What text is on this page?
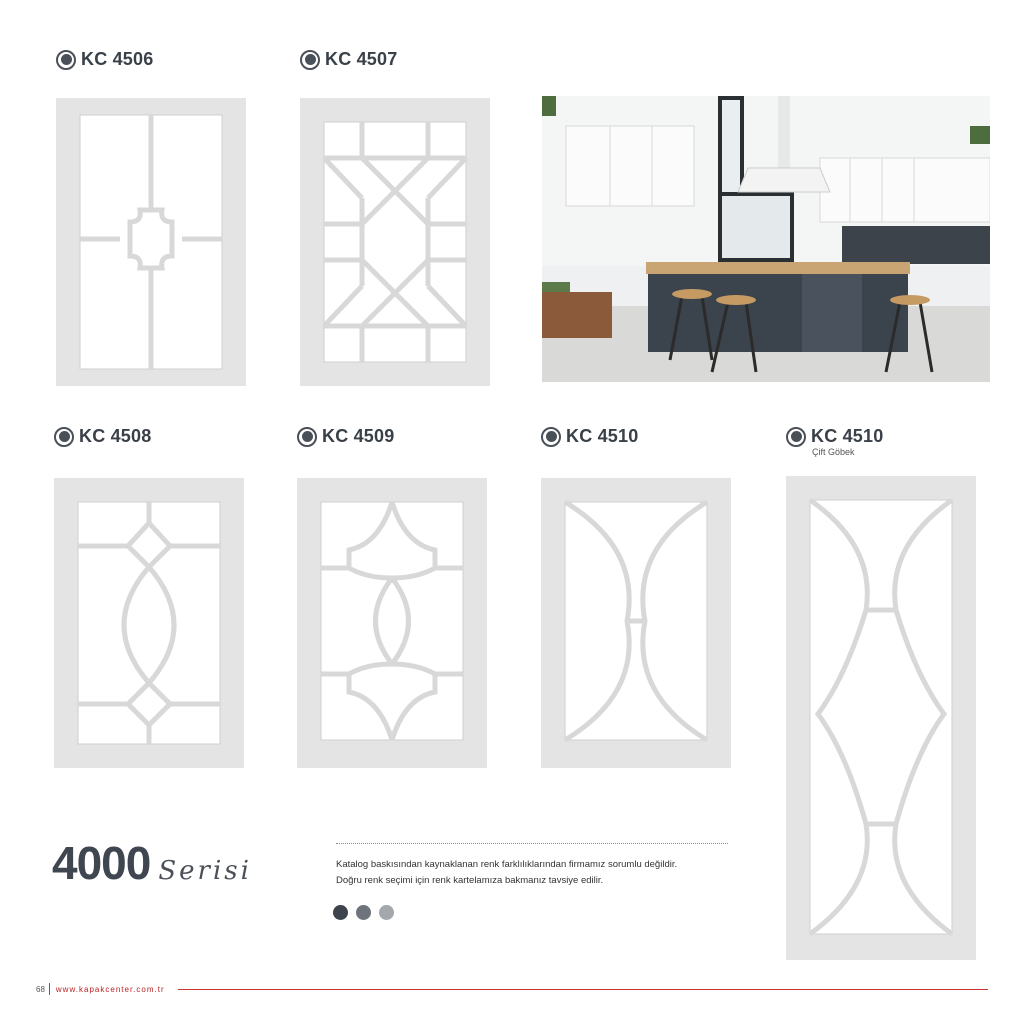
KC 4506	KC 4507
KC 4508	KC 4509	KC 4510	KC 4510
Çift Göbek
4000 Serisi	Katalog baskısından kaynaklanan renk farklılıklarından firmamız sorumlu değildir.
Doğru renk seçimi için renk kartelamıza bakmanız tavsiye edilir.
68 www.kapakcenter.com.tr
